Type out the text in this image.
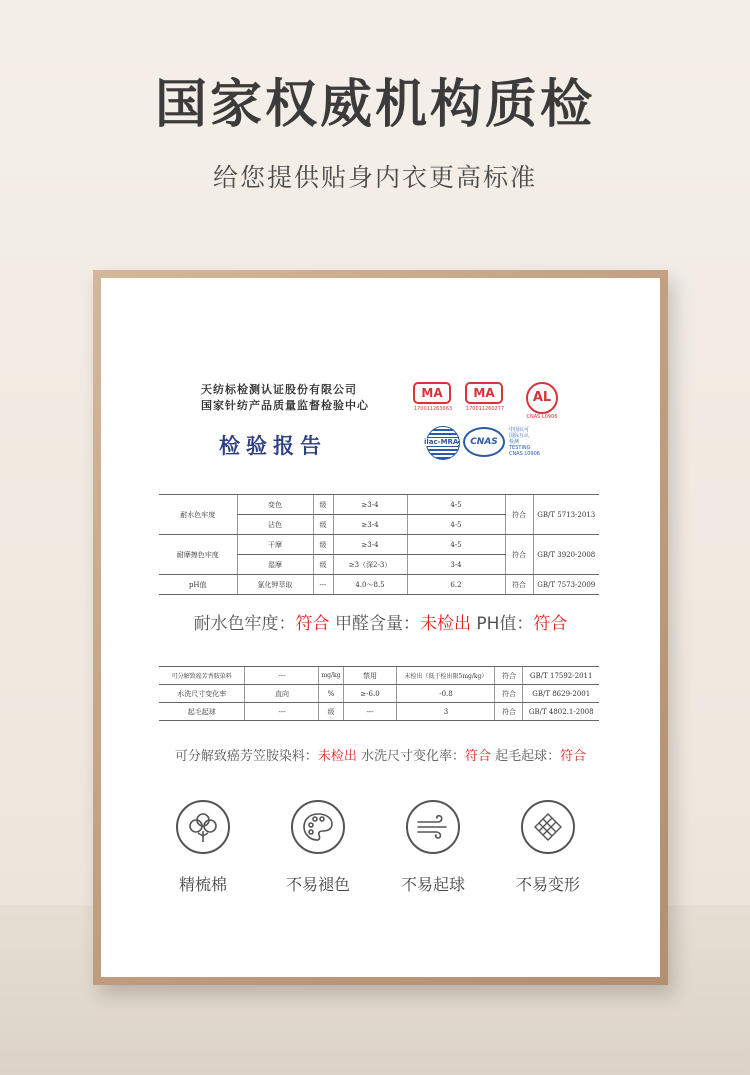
国家权威机构质检
给您提供贴身内衣更高标准
天纺标检测认证股份有限公司
国家针纺产品质量监督检验中心
检验报告
MA
170011263663
MA
170011260277
AL
CNAS L0906
ilac-MRA	CNAS
中国认可
国际互认
检测
TESTING
CNAS L0906
耐水色牢度	变色	级	≥3-4	4-5	符合	GB/T 5713-2013
	沾色	级	≥3-4	4-5		
耐摩擦色牢度	干摩	级	≥3-4	4-5	符合	GB/T 3920-2008
	湿摩	级	≥3（深2-3）	3-4		
pH值	氯化钾萃取	---	4.0～8.5	6.2	符合	GB/T 7573-2009
耐水色牢度：符合 甲醛含量：未检出 PH值：符合
可分解致癌芳香胺染料	---	mg/kg	禁用	未检出（低于检出限5mg/kg）	符合	GB/T 17592-2011
水洗尺寸变化率	直向	%	≥-6.0	-0.8	符合	GB/T 8629-2001
起毛起球	---	级	---	3	符合	GB/T 4802.1-2008
可分解致癌芳笠胺染料：未检出 水洗尺寸变化率：符合 起毛起球：符合
精梳棉	不易褪色	不易起球	不易变形
